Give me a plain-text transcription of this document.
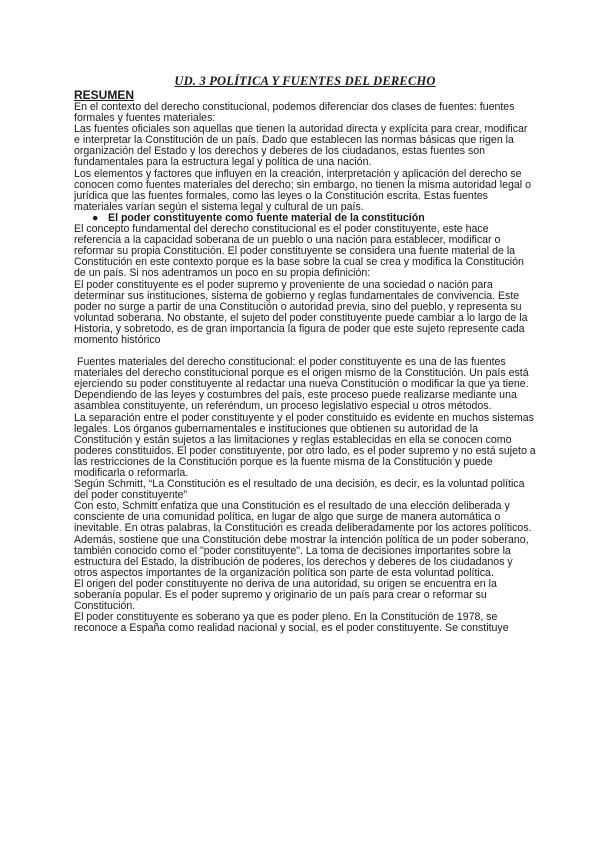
UD. 3 POLÍTICA Y FUENTES DEL DERECHO
RESUMEN

En el contexto del derecho constitucional, podemos diferenciar dos clases de fuentes: fuentes formales y fuentes materiales:

Las fuentes oficiales son aquellas que tienen la autoridad directa y explícita para crear, modificar e interpretar la Constitución de un país. Dado que establecen las normas básicas que rigen la organización del Estado y los derechos y deberes de los ciudadanos, estas fuentes son fundamentales para la estructura legal y política de una nación.

Los elementos y factores que influyen en la creación, interpretación y aplicación del derecho se conocen como fuentes materiales del derecho; sin embargo, no tienen la misma autoridad legal o jurídica que las fuentes formales, como las leyes o la Constitución escrita. Estas fuentes materiales varían según el sistema legal y cultural de un país.

● El poder constituyente como fuente material de la constitución

El concepto fundamental del derecho constitucional es el poder constituyente, este hace referencia a la capacidad soberana de un pueblo o una nación para establecer, modificar o reformar su propia Constitución. El poder constituyente se considera una fuente material de la Constitución en este contexto porque es la base sobre la cual se crea y modifica la Constitución de un país. Si nos adentramos un poco en su propia definición:

El poder constituyente es el poder supremo y proveniente de una sociedad o nación para determinar sus instituciones, sistema de gobierno y reglas fundamentales de convivencia. Este poder no surge a partir de una Constitución o autoridad previa, sino del pueblo, y representa su voluntad soberana. No obstante, el sujeto del poder constituyente puede cambiar a lo largo de la Historia, y sobretodo, es de gran importancia la figura de poder que este sujeto represente cada momento histórico

Fuentes materiales del derecho constitucional: el poder constituyente es una de las fuentes materiales del derecho constitucional porque es el origen mismo de la Constitución. Un país está ejerciendo su poder constituyente al redactar una nueva Constitución o modificar la que ya tiene. Dependiendo de las leyes y costumbres del país, este proceso puede realizarse mediante una asamblea constituyente, un referéndum, un proceso legislativo especial u otros métodos.

La separación entre el poder constituyente y el poder constituido es evidente en muchos sistemas legales. Los órganos gubernamentales e instituciones que obtienen su autoridad de la Constitución y están sujetos a las limitaciones y reglas establecidas en ella se conocen como poderes constituidos. El poder constituyente, por otro lado, es el poder supremo y no está sujeto a las restricciones de la Constitución porque es la fuente misma de la Constitución y puede modificarla o reformarla.

Según Schmitt, “La Constitución es el resultado de una decisión, es decir, es la voluntad política del poder constituyente”

Con esto, Schmitt enfatiza que una Constitución es el resultado de una elección deliberada y consciente de una comunidad política, en lugar de algo que surge de manera automática o inevitable. En otras palabras, la Constitución es creada deliberadamente por los actores políticos.

Además, sostiene que una Constitución debe mostrar la intención política de un poder soberano, también conocido como el "poder constituyente". La toma de decisiones importantes sobre la estructura del Estado, la distribución de poderes, los derechos y deberes de los ciudadanos y otros aspectos importantes de la organización política son parte de esta voluntad política.

El origen del poder constituyente no deriva de una autoridad, su origen se encuentra en la soberanía popular. Es el poder supremo y originario de un país para crear o reformar su Constitución.

El poder constituyente es soberano ya que es poder pleno. En la Constitución de 1978, se reconoce a España como realidad nacional y social, es el poder constituyente. Se constituye
